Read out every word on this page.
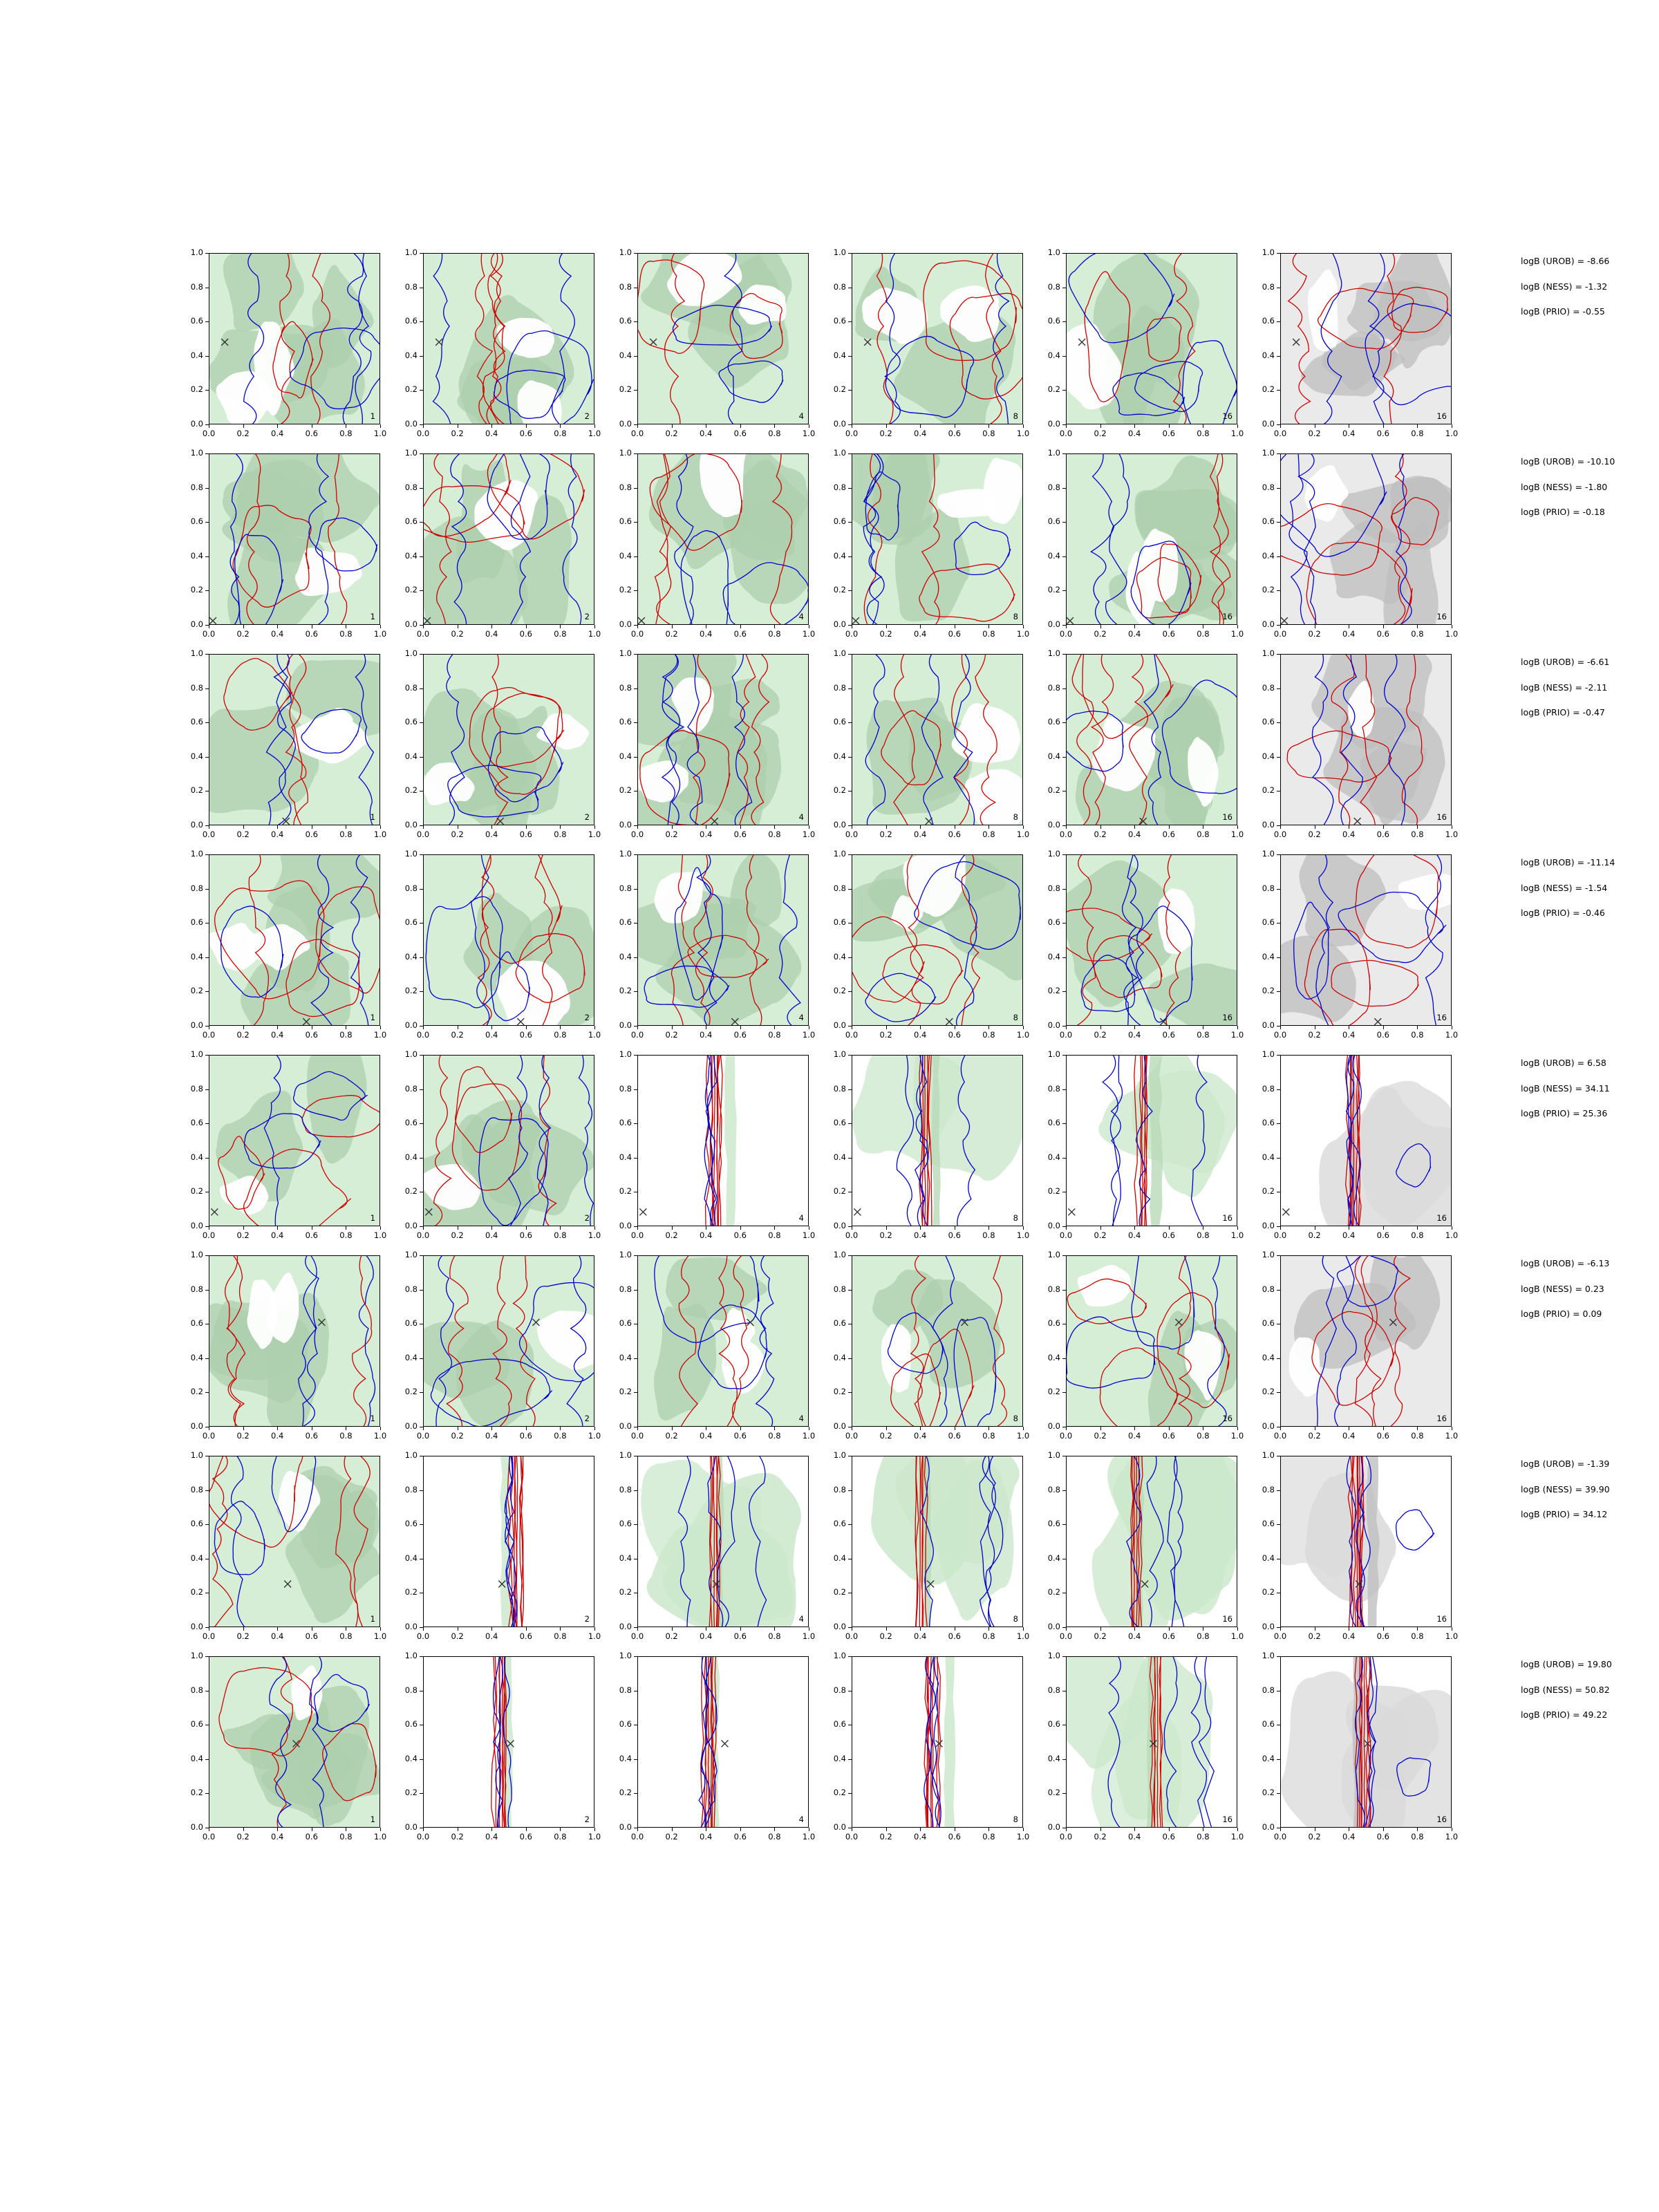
1
0.0
0.2
0.4
0.6
0.8
1.0
0.0	0.2	0.4	0.6	0.8	1.0
2
0.0
0.2
0.4
0.6
0.8
1.0
0.0	0.2	0.4	0.6	0.8	1.0
4
0.0
0.2
0.4
0.6
0.8
1.0
0.0	0.2	0.4	0.6	0.8	1.0
8
0.0
0.2
0.4
0.6
0.8
1.0
0.0	0.2	0.4	0.6	0.8	1.0
16
0.0
0.2
0.4
0.6
0.8
1.0
0.0	0.2	0.4	0.6	0.8	1.0
16
0.0
0.2
0.4
0.6
0.8
1.0
0.0	0.2	0.4	0.6	0.8	1.0
1
0.0
0.2
0.4
0.6
0.8
1.0
0.0	0.2	0.4	0.6	0.8	1.0
2
0.0
0.2
0.4
0.6
0.8
1.0
0.0	0.2	0.4	0.6	0.8	1.0
4
0.0
0.2
0.4
0.6
0.8
1.0
0.0	0.2	0.4	0.6	0.8	1.0
8
0.0
0.2
0.4
0.6
0.8
1.0
0.0	0.2	0.4	0.6	0.8	1.0
16
0.0
0.2
0.4
0.6
0.8
1.0
0.0	0.2	0.4	0.6	0.8	1.0
16
0.0
0.2
0.4
0.6
0.8
1.0
0.0	0.2	0.4	0.6	0.8	1.0
1
0.0
0.2
0.4
0.6
0.8
1.0
0.0	0.2	0.4	0.6	0.8	1.0
2
0.0
0.2
0.4
0.6
0.8
1.0
0.0	0.2	0.4	0.6	0.8	1.0
4
0.0
0.2
0.4
0.6
0.8
1.0
0.0	0.2	0.4	0.6	0.8	1.0
8
0.0
0.2
0.4
0.6
0.8
1.0
0.0	0.2	0.4	0.6	0.8	1.0
16
0.0
0.2
0.4
0.6
0.8
1.0
0.0	0.2	0.4	0.6	0.8	1.0
16
0.0
0.2
0.4
0.6
0.8
1.0
0.0	0.2	0.4	0.6	0.8	1.0
1
0.0
0.2
0.4
0.6
0.8
1.0
0.0	0.2	0.4	0.6	0.8	1.0
2
0.0
0.2
0.4
0.6
0.8
1.0
0.0	0.2	0.4	0.6	0.8	1.0
4
0.0
0.2
0.4
0.6
0.8
1.0
0.0	0.2	0.4	0.6	0.8	1.0
8
0.0
0.2
0.4
0.6
0.8
1.0
0.0	0.2	0.4	0.6	0.8	1.0
16
0.0
0.2
0.4
0.6
0.8
1.0
0.0	0.2	0.4	0.6	0.8	1.0
16
0.0
0.2
0.4
0.6
0.8
1.0
0.0	0.2	0.4	0.6	0.8	1.0
1
0.0
0.2
0.4
0.6
0.8
1.0
0.0	0.2	0.4	0.6	0.8	1.0
2
0.0
0.2
0.4
0.6
0.8
1.0
0.0	0.2	0.4	0.6	0.8	1.0
4
0.0
0.2
0.4
0.6
0.8
1.0
0.0	0.2	0.4	0.6	0.8	1.0
8
0.0
0.2
0.4
0.6
0.8
1.0
0.0	0.2	0.4	0.6	0.8	1.0
16
0.0
0.2
0.4
0.6
0.8
1.0
0.0	0.2	0.4	0.6	0.8	1.0
16
0.0
0.2
0.4
0.6
0.8
1.0
0.0	0.2	0.4	0.6	0.8	1.0
1
0.0
0.2
0.4
0.6
0.8
1.0
0.0	0.2	0.4	0.6	0.8	1.0
2
0.0
0.2
0.4
0.6
0.8
1.0
0.0	0.2	0.4	0.6	0.8	1.0
4
0.0
0.2
0.4
0.6
0.8
1.0
0.0	0.2	0.4	0.6	0.8	1.0
8
0.0
0.2
0.4
0.6
0.8
1.0
0.0	0.2	0.4	0.6	0.8	1.0
16
0.0
0.2
0.4
0.6
0.8
1.0
0.0	0.2	0.4	0.6	0.8	1.0
16
0.0
0.2
0.4
0.6
0.8
1.0
0.0	0.2	0.4	0.6	0.8	1.0
1
0.0
0.2
0.4
0.6
0.8
1.0
0.0	0.2	0.4	0.6	0.8	1.0
2
0.0
0.2
0.4
0.6
0.8
1.0
0.0	0.2	0.4	0.6	0.8	1.0
4
0.0
0.2
0.4
0.6
0.8
1.0
0.0	0.2	0.4	0.6	0.8	1.0
8
0.0
0.2
0.4
0.6
0.8
1.0
0.0	0.2	0.4	0.6	0.8	1.0
16
0.0
0.2
0.4
0.6
0.8
1.0
0.0	0.2	0.4	0.6	0.8	1.0
16
0.0
0.2
0.4
0.6
0.8
1.0
0.0	0.2	0.4	0.6	0.8	1.0
1
0.0
0.2
0.4
0.6
0.8
1.0
0.0	0.2	0.4	0.6	0.8	1.0
2
0.0
0.2
0.4
0.6
0.8
1.0
0.0	0.2	0.4	0.6	0.8	1.0
4
0.0
0.2
0.4
0.6
0.8
1.0
0.0	0.2	0.4	0.6	0.8	1.0
8
0.0
0.2
0.4
0.6
0.8
1.0
0.0	0.2	0.4	0.6	0.8	1.0
16
0.0
0.2
0.4
0.6
0.8
1.0
0.0	0.2	0.4	0.6	0.8	1.0
16
0.0
0.2
0.4
0.6
0.8
1.0
0.0	0.2	0.4	0.6	0.8	1.0
logB (UROB) = -8.66
logB (NESS) = -1.32
logB (PRIO) = -0.55
logB (UROB) = -10.10
logB (NESS) = -1.80
logB (PRIO) = -0.18
logB (UROB) = -6.61
logB (NESS) = -2.11
logB (PRIO) = -0.47
logB (UROB) = -11.14
logB (NESS) = -1.54
logB (PRIO) = -0.46
logB (UROB) = 6.58
logB (NESS) = 34.11
logB (PRIO) = 25.36
logB (UROB) = -6.13
logB (NESS) = 0.23
logB (PRIO) = 0.09
logB (UROB) = -1.39
logB (NESS) = 39.90
logB (PRIO) = 34.12
logB (UROB) = 19.80
logB (NESS) = 50.82
logB (PRIO) = 49.22
